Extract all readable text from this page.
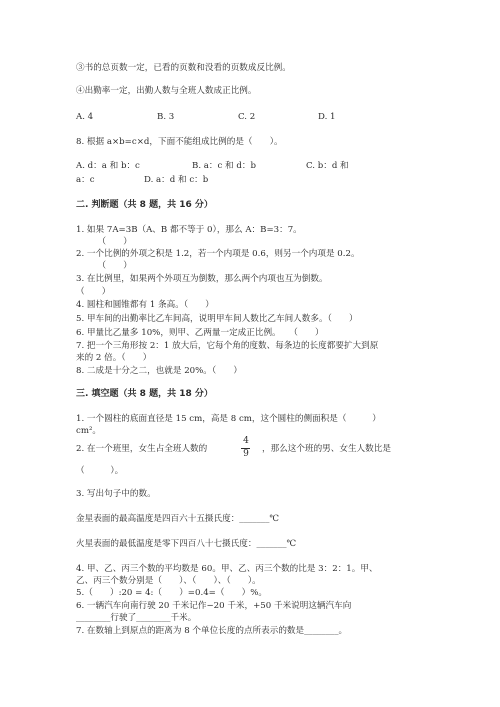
③书的总页数一定，已看的页数和没看的页数成反比例。
④出勤率一定，出勤人数与全班人数成正比例。
A. 4	B. 3	C. 2	D. 1
8. 根据 a×b=c×d，下面不能组成比例的是（　　）。
A. d：a 和 b：c	B. a：c 和 d：b	C. b：d 和
a：c	D. a：d 和 c：b
二. 判断题（共 8 题，共 16 分）
1. 如果 7A=3B（A、B 都不等于 0），那么 A：B=3：7。
　　　（　　）
2. 一个比例的外项之积是 1.2，若一个内项是 0.6，则另一个内项是 0.2。
　　　（　　）
3. 在比例里，如果两个外项互为倒数，那么两个内项也互为倒数。
（　　）
4. 圆柱和圆锥都有 1 条高。（　　）
5. 甲车间的出勤率比乙车间高，说明甲车间人数比乙车间人数多。（　　）
6. 甲量比乙量多 10%，则甲、乙两量一定成正比例。　　（　　）
7. 把一个三角形按 2：1 放大后，它每个角的度数、每条边的长度都要扩大到原
来的 2 倍。（　　）
8. 二成是十分之二，也就是 20%。（　　）
三. 填空题（共 8 题，共 18 分）
1. 一个圆柱的底面直径是 15 cm，高是 8 cm，这个圆柱的侧面积是（　　　）
cm²。
2. 在一个班里，女生占全班人数的
4
9	，那么这个班的男、女生人数比是
（　　　）。
3. 写出句子中的数。
金星表面的最高温度是四百六十五摄氏度：_______℃
火星表面的最低温度是零下四百八十七摄氏度：_______℃
4. 甲、乙、丙三个数的平均数是 60。甲、乙、丙三个数的比是 3：2：1。甲、
乙、丙三个数分别是（　　）、（　　）、（　　）。
5.（　　）:20 = 4:（　　）=0.4=（　　）%。
6. 一辆汽车向南行驶 20 千米记作−20 千米，+50 千米说明这辆汽车向
________行驶了________千米。
7. 在数轴上到原点的距离为 8 个单位长度的点所表示的数是________。
